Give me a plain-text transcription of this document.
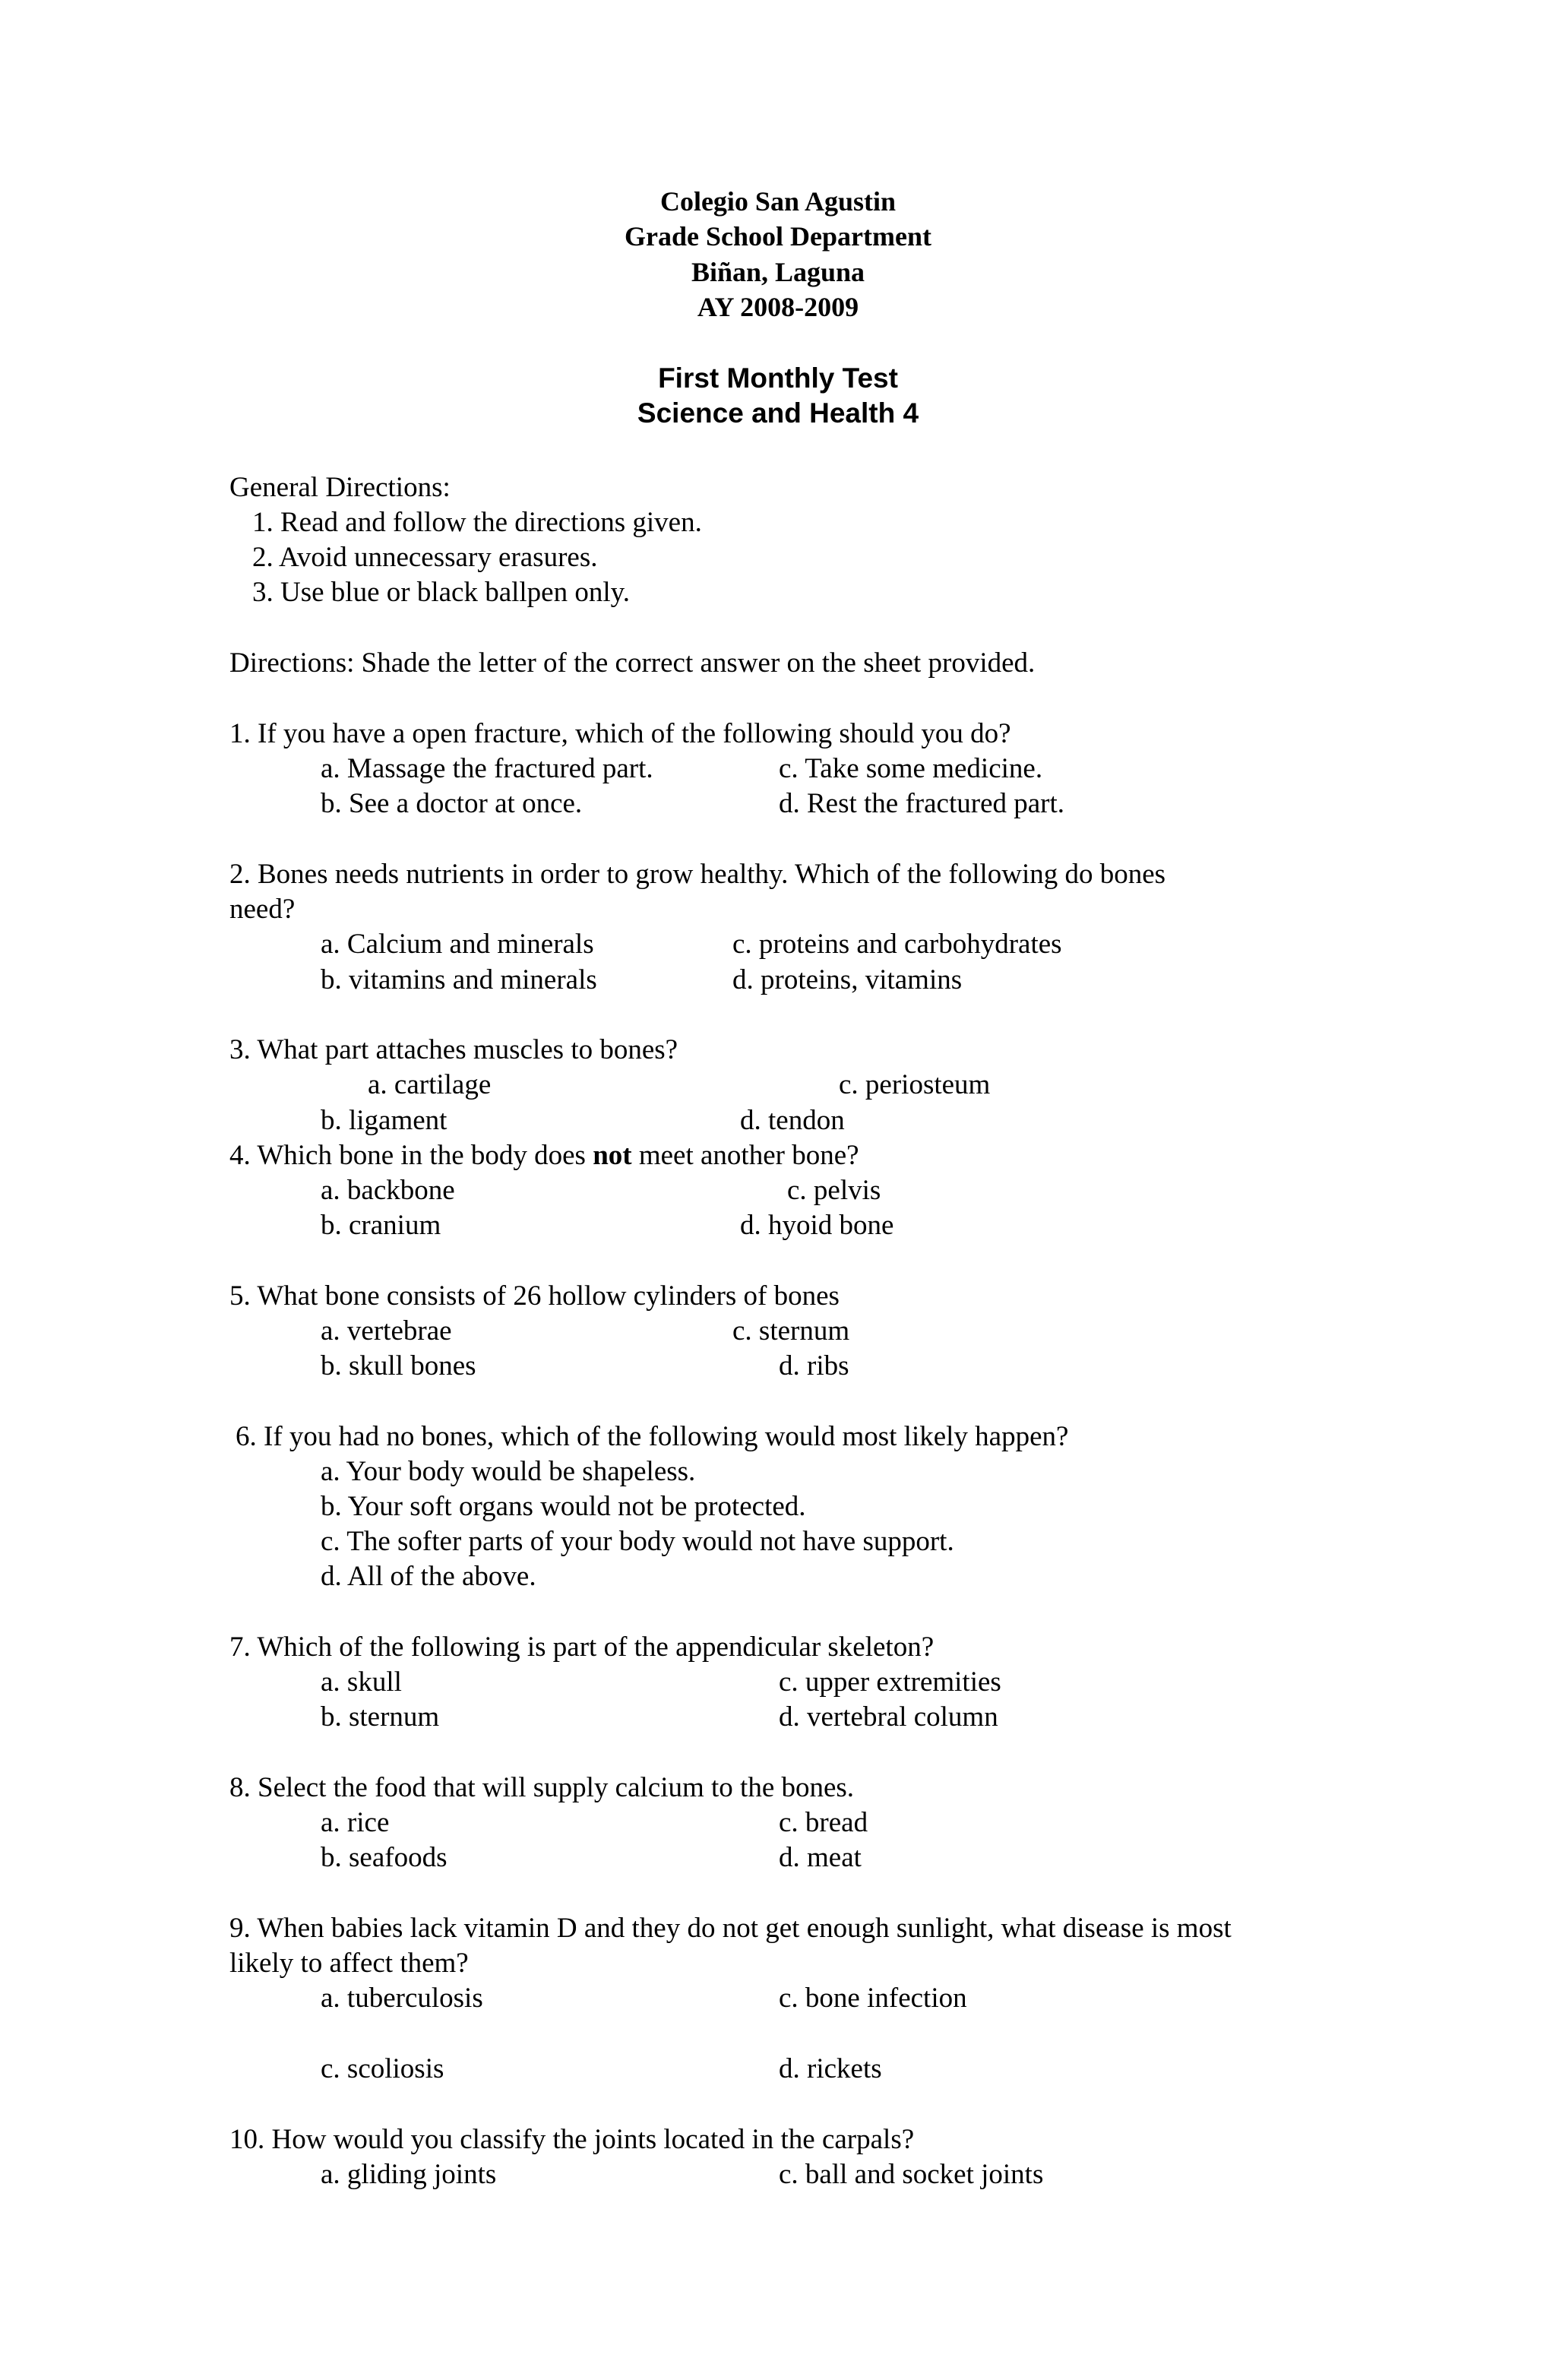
Colegio San Agustin
Grade School Department
Biñan, Laguna
AY 2008-2009
First Monthly Test
Science and Health 4
General Directions:
1. Read and follow the directions given.
2. Avoid unnecessary erasures.
3. Use blue or black ballpen only.
Directions: Shade the letter of the correct answer on the sheet provided.
1. If you have a open fracture, which of the following should you do?
a. Massage the fractured part.	c. Take some medicine.
b. See a doctor at once.	d. Rest the fractured part.
2. Bones needs nutrients in order to grow healthy. Which of the following do bones
need?
a. Calcium and minerals	c. proteins and carbohydrates
b. vitamins and minerals	d. proteins, vitamins
3. What part attaches muscles to bones?
a. cartilage	c. periosteum
b. ligament	d. tendon
4. Which bone in the body does not meet another bone?
a. backbone	c. pelvis
b. cranium	d. hyoid bone
5. What bone consists of 26 hollow cylinders of bones
a. vertebrae	c. sternum
b. skull bones	d. ribs
6. If you had no bones, which of the following would most likely happen?
a. Your body would be shapeless.
b. Your soft organs would not be protected.
c. The softer parts of your body would not have support.
d. All of the above.
7. Which of the following is part of the appendicular skeleton?
a. skull	c. upper extremities
b. sternum	d. vertebral column
8. Select the food that will supply calcium to the bones.
a. rice	c. bread
b. seafoods	d. meat
9. When babies lack vitamin D and they do not get enough sunlight, what disease is most
likely to affect them?
a. tuberculosis	c. bone infection
c. scoliosis	d. rickets
10. How would you classify the joints located in the carpals?
a. gliding joints	c. ball and socket joints
